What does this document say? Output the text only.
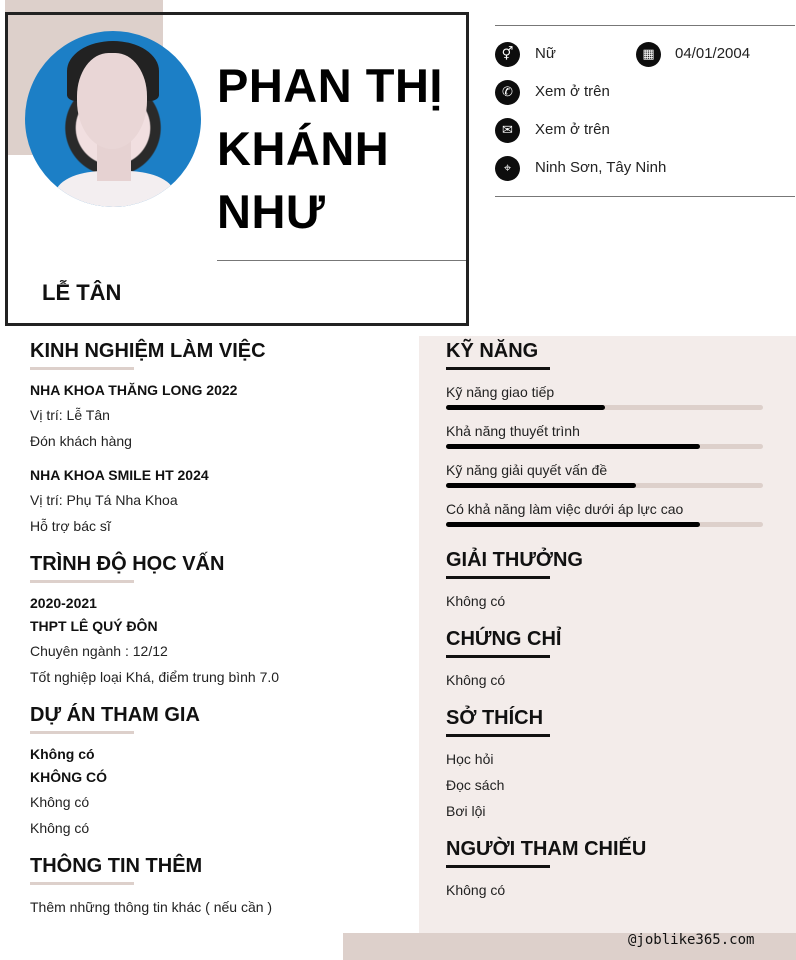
PHAN THỊ
KHÁNH
NHƯ
LỄ TÂN
⚥	Nữ	▦	04/01/2004
✆	Xem ở trên
✉	Xem ở trên
⌖	Ninh Sơn, Tây Ninh
KINH NGHIỆM LÀM VIỆC
NHA KHOA THĂNG LONG 2022
Vị trí: Lễ Tân
Đón khách hàng
NHA KHOA SMILE HT 2024
Vị trí: Phụ Tá Nha Khoa
Hỗ trợ bác sĩ
TRÌNH ĐỘ HỌC VẤN
2020-2021
THPT LÊ QUÝ ĐÔN
Chuyên ngành : 12/12
Tốt nghiệp loại Khá, điểm trung bình 7.0
DỰ ÁN THAM GIA
Không có
KHÔNG CÓ
Không có
Không có
THÔNG TIN THÊM
Thêm những thông tin khác ( nếu cần )
KỸ NĂNG
Kỹ năng giao tiếp
Khả năng thuyết trình
Kỹ năng giải quyết vấn đề
Có khả năng làm việc dưới áp lực cao
GIẢI THƯỞNG
Không có
CHỨNG CHỈ
Không có
SỞ THÍCH
Học hỏi
Đọc sách
Bơi lội
NGƯỜI THAM CHIẾU
Không có
@joblike365.com
